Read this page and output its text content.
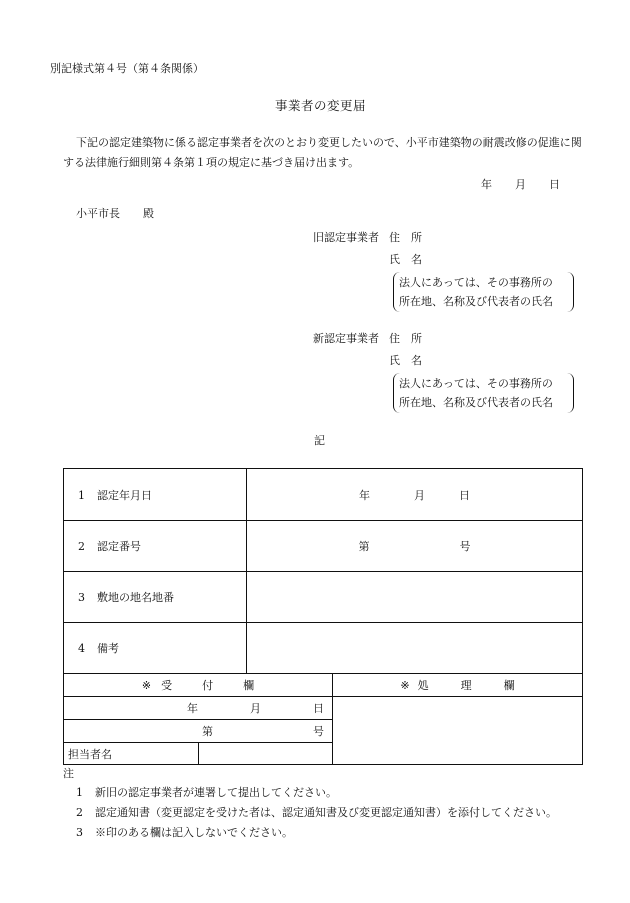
別記様式第４号（第４条関係）
事業者の変更届
下記の認定建築物に係る認定事業者を次のとおり変更したいので、小平市建築物の耐震改修の促進に関
する法律施行細則第４条第１項の規定に基づき届け出ます。
年 月 日
小平市長 殿
旧認定事業者 住　所
氏　名
法人にあっては、その事務所の
所在地、名称及び代表者の氏名
新認定事業者 住　所
氏　名
法人にあっては、その事務所の
所在地、名称及び代表者の氏名
記
1 認定年月日		年 月 日	
2 認定番号		第 号	
3 敷地の地名地番			
4 備考			
※ 受 付 欄			※ 処 理 欄
年 月 日			
第 号			
担当者名			
注
1 新旧の認定事業者が連署して提出してください。
2 認定通知書（変更認定を受けた者は、認定通知書及び変更認定通知書）を添付してください。
3 ※印のある欄は記入しないでください。
